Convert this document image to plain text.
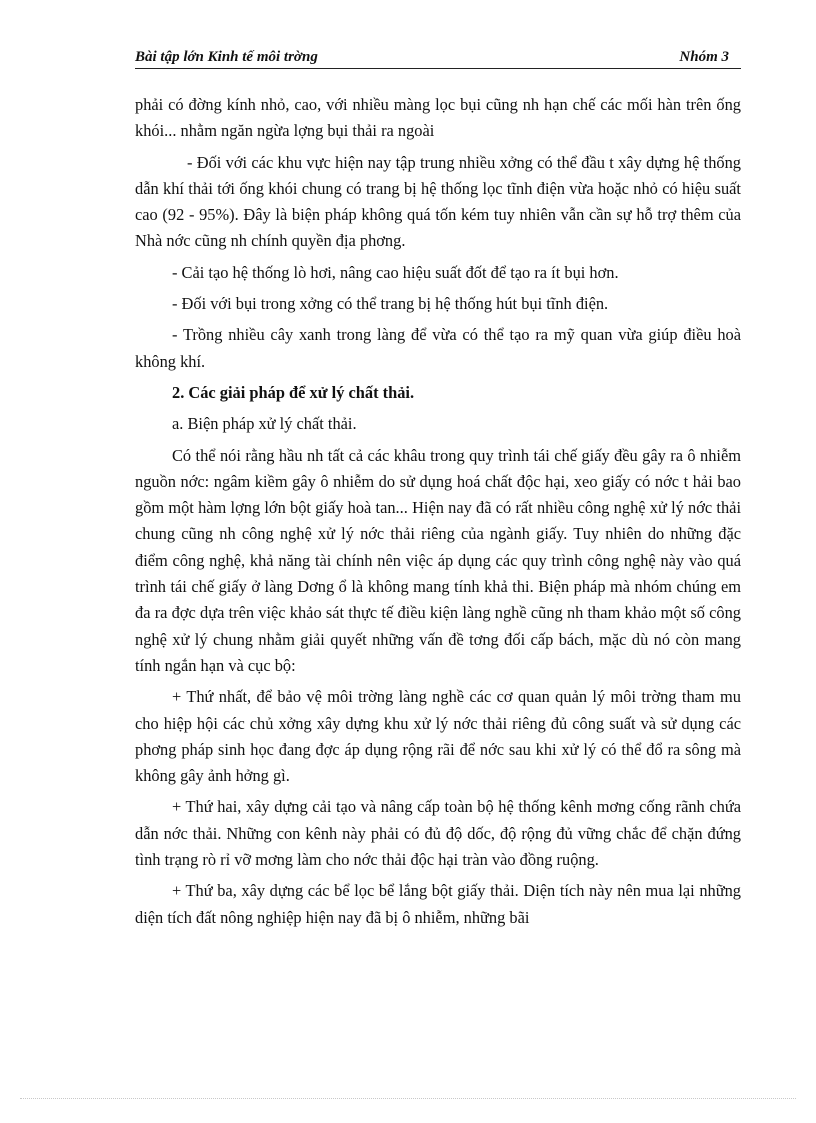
Bài tập lớn Kinh tế môi trờng	Nhóm 3

phải có đờng kính nhỏ, cao, với nhiều màng lọc bụi cũng nh hạn chế các mối hàn trên ống khói... nhằm ngăn ngừa lợng bụi thải ra ngoài

- Đối với các khu vực hiện nay tập trung nhiều xởng có thể đầu t xây dựng hệ thống dẫn khí thải tới ống khói chung có trang bị hệ thống lọc tĩnh điện vừa hoặc nhỏ có hiệu suất cao (92 - 95%). Đây là biện pháp không quá tốn kém tuy nhiên vẫn cần sự hỗ trợ thêm của Nhà nớc cũng nh chính quyền địa phơng.

- Cải tạo hệ thống lò hơi, nâng cao hiệu suất đốt để tạo ra ít bụi hơn.

- Đối với bụi trong xởng có thể trang bị hệ thống hút bụi tĩnh điện.

- Trồng nhiều cây xanh trong làng để vừa có thể tạo ra mỹ quan vừa giúp điều hoà không khí.

2. Các giải pháp để xử lý chất thải.

a. Biện pháp xử lý chất thải.

Có thể nói rằng hầu nh tất cả các khâu trong quy trình tái chế giấy đều gây ra ô nhiễm nguồn nớc: ngâm kiềm gây ô nhiễm do sử dụng hoá chất độc hại, xeo giấy có nớc t hải bao gồm một hàm lợng lớn bột giấy hoà tan... Hiện nay đã có rất nhiều công nghệ xử lý nớc thải chung cũng nh công nghệ xử lý nớc thải riêng của ngành giấy. Tuy nhiên do những đặc điểm công nghệ, khả năng tài chính nên việc áp dụng các quy trình công nghệ này vào quá trình tái chế giấy ở làng Dơng ổ là không mang tính khả thi. Biện pháp mà nhóm chúng em đa ra đợc dựa trên việc khảo sát thực tế điều kiện làng nghề cũng nh tham khảo một số công nghệ xử lý chung nhằm giải quyết những vấn đề tơng đối cấp bách, mặc dù nó còn mang tính ngắn hạn và cục bộ:

+ Thứ nhất, để bảo vệ môi trờng làng nghề các cơ quan quản lý môi trờng tham mu cho hiệp hội các chủ xởng xây dựng khu xử lý nớc thải riêng đủ công suất và sử dụng các phơng pháp sinh học đang đợc áp dụng rộng rãi để nớc sau khi xử lý có thể đổ ra sông mà không gây ảnh hởng gì.

+ Thứ hai, xây dựng cải tạo và nâng cấp toàn bộ hệ thống kênh mơng cống rãnh chứa dẫn nớc thải. Những con kênh này phải có đủ độ dốc, độ rộng đủ vững chắc để chặn đứng tình trạng rò rỉ vỡ mơng làm cho nớc thải độc hại tràn vào đồng ruộng.

+ Thứ ba, xây dựng các bể lọc bể lắng bột giấy thải. Diện tích này nên mua lại những diện tích đất nông nghiệp hiện nay đã bị ô nhiễm, những bãi
